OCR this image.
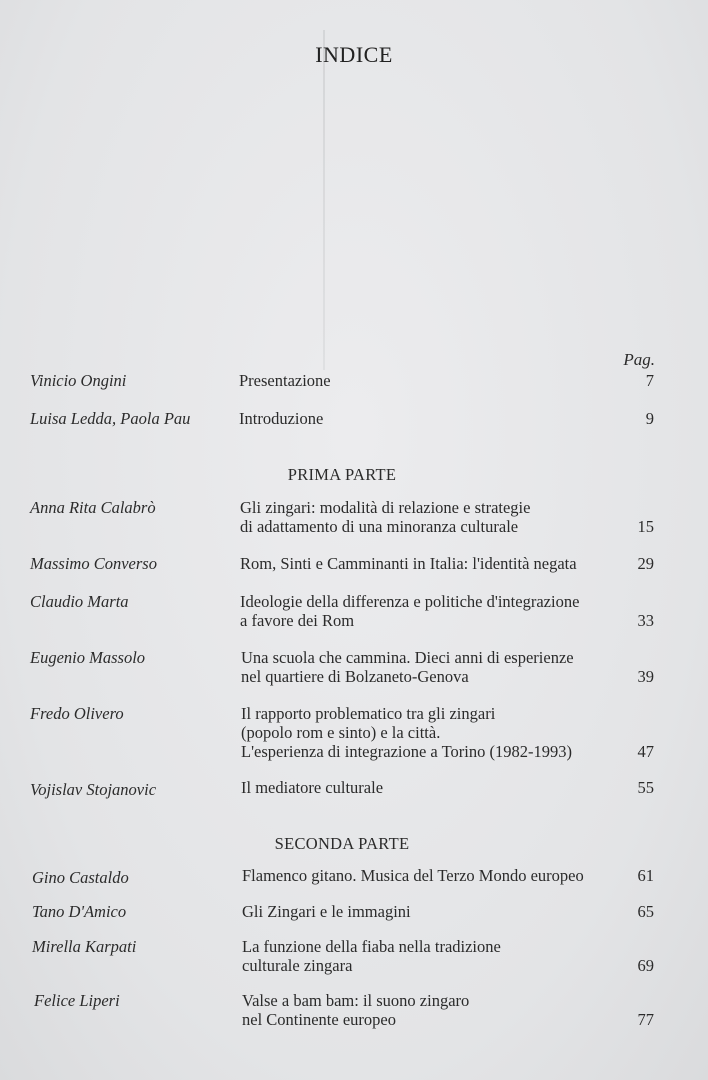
INDICE
Pag.
Vinicio Ongini	Presentazione	7
Luisa Ledda, Paola Pau	Introduzione	9
PRIMA PARTE
Anna Rita Calabrò	Gli zingari: modalità di relazione e strategie
di adattamento di una minoranza culturale	15
Massimo Converso	Rom, Sinti e Camminanti in Italia: l'identità negata	29
Claudio Marta	Ideologie della differenza e politiche d'integrazione
a favore dei Rom	33
Eugenio Massolo	Una scuola che cammina. Dieci anni di esperienze
nel quartiere di Bolzaneto-Genova	39
Fredo Olivero	Il rapporto problematico tra gli zingari
(popolo rom e sinto) e la città.
L'esperienza di integrazione a Torino (1982-1993)	47
Vojislav Stojanovic	Il mediatore culturale	55
SECONDA PARTE
Gino Castaldo	Flamenco gitano. Musica del Terzo Mondo europeo	61
Tano D'Amico	Gli Zingari e le immagini	65
Mirella Karpati	La funzione della fiaba nella tradizione
culturale zingara	69
Felice Liperi	Valse a bam bam: il suono zingaro
nel Continente europeo	77
